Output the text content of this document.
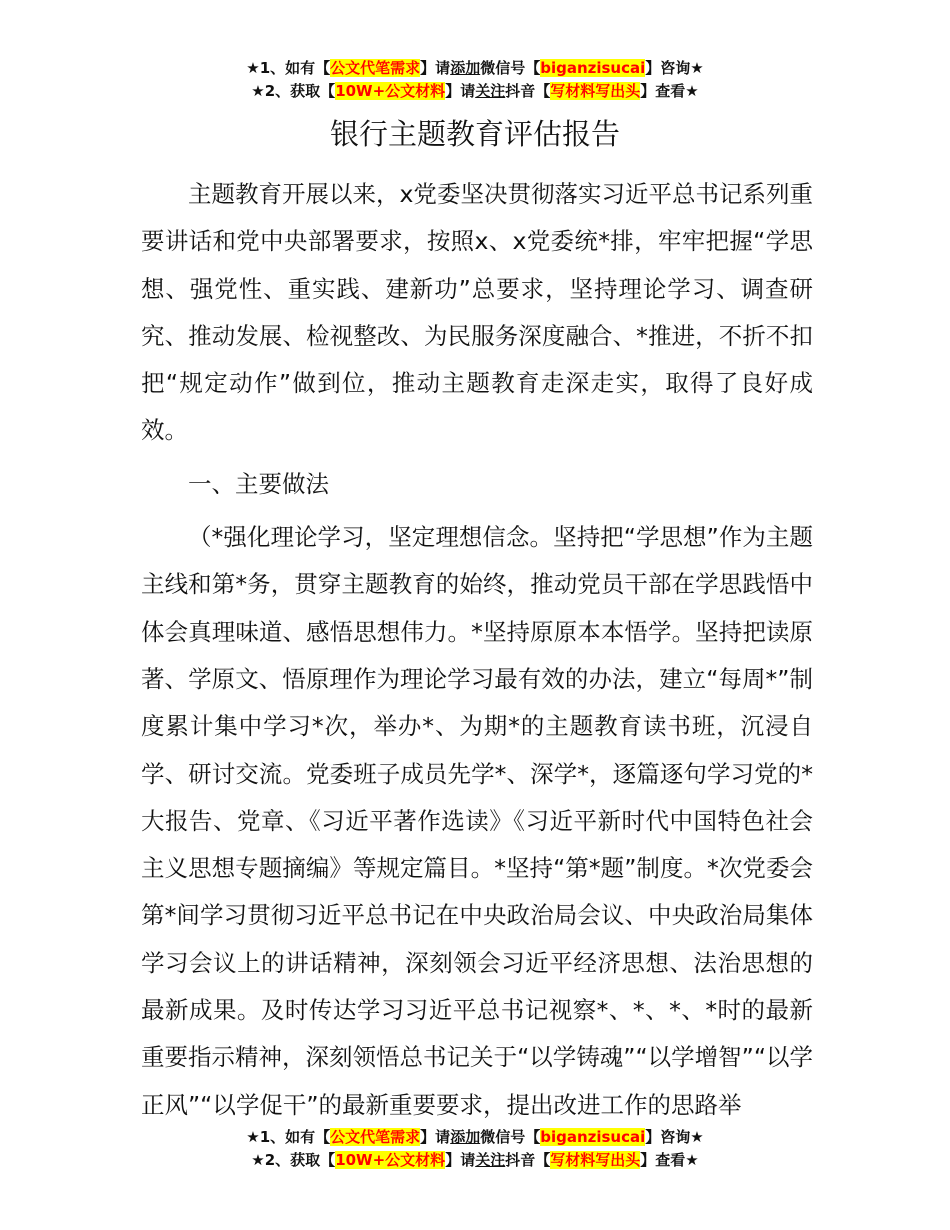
★1、如有【公文代笔需求】请添加微信号【biganzisucai】咨询★
★2、获取【10W+公文材料】请关注抖音【写材料写出头】查看★
银行主题教育评估报告

主题教育开展以来，x党委坚决贯彻落实习近平总书记系列重要讲话和党中央部署要求，按照x、x党委统*排，牢牢把握“学思想、强党性、重实践、建新功”总要求，坚持理论学习、调查研究、推动发展、检视整改、为民服务深度融合、*推进，不折不扣把“规定动作”做到位，推动主题教育走深走实，取得了良好成效。

一、主要做法

（*强化理论学习，坚定理想信念。坚持把“学思想”作为主题主线和第*务，贯穿主题教育的始终，推动党员干部在学思践悟中体会真理味道、感悟思想伟力。*坚持原原本本悟学。坚持把读原著、学原文、悟原理作为理论学习最有效的办法，建立“每周*”制度累计集中学习*次，举办*、为期*的主题教育读书班，沉浸自学、研讨交流。党委班子成员先学*、深学*，逐篇逐句学习党的*大报告、党章、《习近平著作选读》《习近平新时代中国特色社会主义思想专题摘编》等规定篇目。*坚持“第*题”制度。*次党委会第*间学习贯彻习近平总书记在中央政治局会议、中央政治局集体学习会议上的讲话精神，深刻领会习近平经济思想、法治思想的最新成果。及时传达学习习近平总书记视察*、*、*、*时的最新重要指示精神，深刻领悟总书记关于“以学铸魂”“以学增智”“以学正风”“以学促干”的最新重要要求，提出改进工作的思路举

★1、如有【公文代笔需求】请添加微信号【biganzisucai】咨询★
★2、获取【10W+公文材料】请关注抖音【写材料写出头】查看★
